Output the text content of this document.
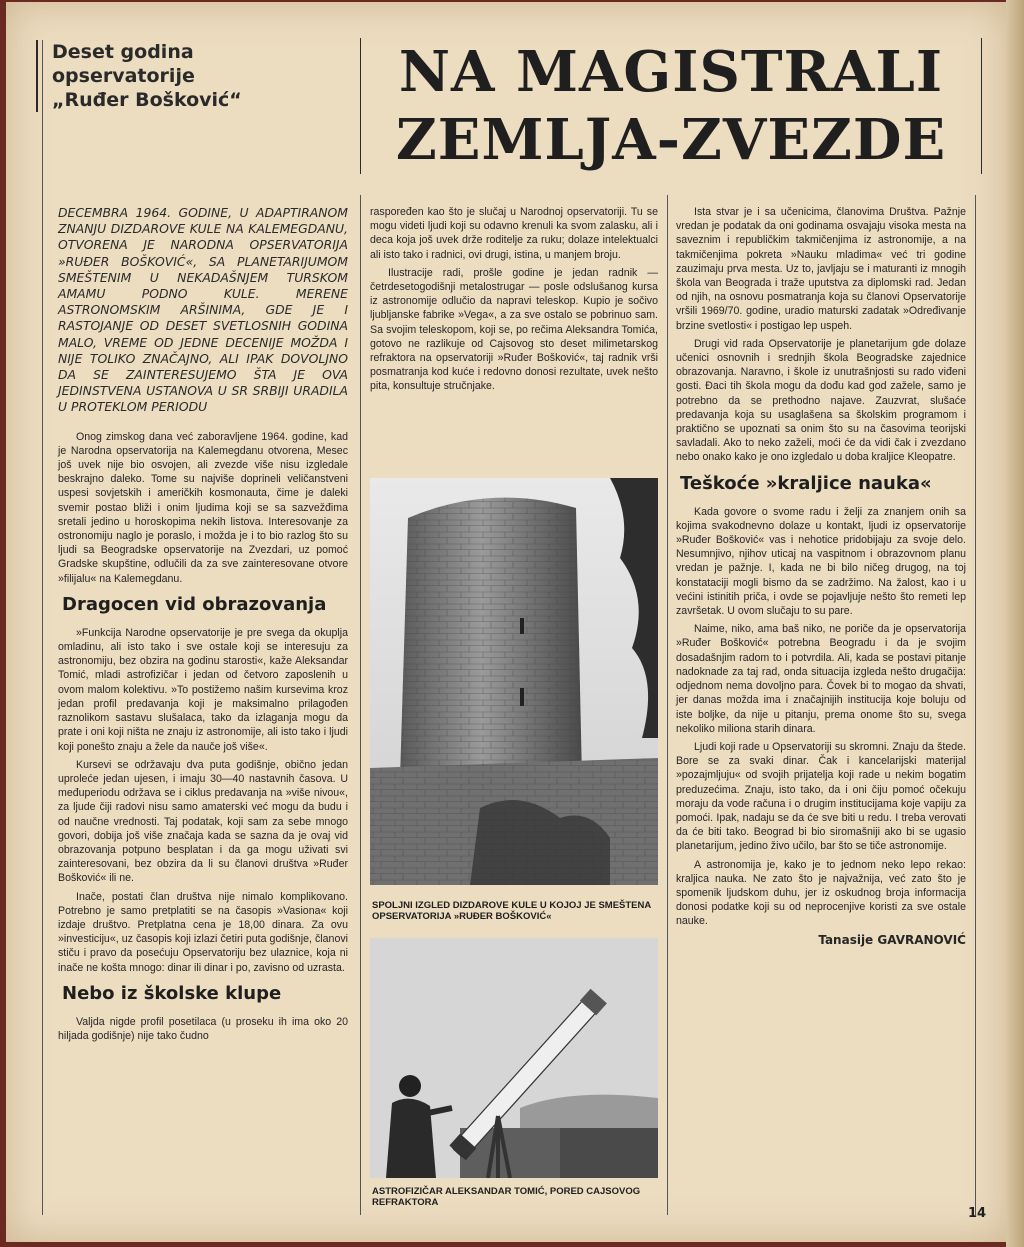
Deset godina
opservatorije
„Ruđer Bošković“	NA MAGISTRALI
ZEMLJA-ZVEZDE
DECEMBRA 1964. GODINE, U ADAPTIRANOM ZNANJU DIZDAROVE KULE NA KALEMEGDANU, OTVORENA JE NARODNA OPSERVATORIJA »RUĐER BOŠKOVIĆ«, SA PLANETARIJUMOM SMEŠTENIM U NEKADAŠNJEM TURSKOM AMAMU PODNO KULE. MERENE ASTRONOMSKIM ARŠINIMA, GDE JE I RASTOJANJE OD DESET SVETLOSNIH GODINA MALO, VREME OD JEDNE DECENIJE MOŽDA I NIJE TOLIKO ZNAČAJNO, ALI IPAK DOVOLJNO DA SE ZAINTERESUJEMO ŠTA JE OVA JEDINSTVENA USTANOVA U SR SRBIJI URADILA U PROTEKLOM PERIODU

Onog zimskog dana već zaboravljene 1964. godine, kad je Narodna opservatorija na Kalemegdanu otvorena, Mesec još uvek nije bio osvojen, ali zvezde više nisu izgledale beskrajno daleko. Tome su najviše doprineli veličanstveni uspesi sovjetskih i američkih kosmonauta, čime je daleki svemir postao bliži i onim ljudima koji se sa sazvežđima sretali jedino u horoskopima nekih listova. Interesovanje za ostronomiju naglo je poraslo, i možda je i to bio razlog što su ljudi sa Beogradske opservatorije na Zvezdari, uz pomoć Gradske skupštine, odlučili da za sve zainteresovane otvore »filijalu« na Kalemegdanu.

Dragocen vid obrazovanja

»Funkcija Narodne opservatorije je pre svega da okuplja omladinu, ali isto tako i sve ostale koji se interesuju za astronomiju, bez obzira na godinu starosti«, kaže Aleksandar Tomić, mladi astrofizičar i jedan od četvoro zaposlenih u ovom malom kolektivu. »To postižemo našim kursevima kroz jedan profil predavanja koji je maksimalno prilagođen raznolikom sastavu slušalaca, tako da izlaganja mogu da prate i oni koji ništa ne znaju iz astronomije, ali isto tako i ljudi koji ponešto znaju a žele da nauče još više«.

Kursevi se održavaju dva puta godišnje, obično jedan uproleće jedan ujesen, i imaju 30—40 nastavnih časova. U međuperiodu održava se i ciklus predavanja na »više nivou«, za ljude čiji radovi nisu samo amaterski već mogu da budu i od naučne vrednosti. Taj podatak, koji sam za sebe mnogo govori, dobija još više značaja kada se sazna da je ovaj vid obrazovanja potpuno besplatan i da ga mogu uživati svi zainteresovani, bez obzira da li su članovi društva »Ruđer Bošković« ili ne.

Inače, postati član društva nije nimalo komplikovano. Potrebno je samo pretplatiti se na časopis »Vasiona« koji izdaje društvo. Pretplatna cena je 18,00 dinara. Za ovu »investiciju«, uz časopis koji izlazi četiri puta godišnje, članovi stiču i pravo da posećuju Opservatoriju bez ulaznice, koja ni inače ne košta mnogo: dinar ili dinar i po, zavisno od uzrasta.

Nebo iz školske klupe

Valjda nigde profil posetilaca (u proseku ih ima oko 20 hiljada godišnje) nije tako čudno

raspoređen kao što je slučaj u Narodnoj opservatoriji. Tu se mogu videti ljudi koji su odavno krenuli ka svom zalasku, ali i deca koja još uvek drže roditelje za ruku; dolaze intelektualci ali isto tako i radnici, ovi drugi, istina, u manjem broju.

Ilustracije radi, prošle godine je jedan radnik — četrdesetogodišnji metalostrugar — posle odslušanog kursa iz astronomije odlučio da napravi teleskop. Kupio je sočivo ljubljanske fabrike »Vega«, a za sve ostalo se pobrinuo sam. Sa svojim teleskopom, koji se, po rečima Aleksandra Tomića, gotovo ne razlikuje od Cajsovog sto deset milimetarskog refraktora na opservatoriji »Ruđer Bošković«, taj radnik vrši posmatranja kod kuće i redovno donosi rezultate, uvek nešto pita, konsultuje stručnjake.

SPOLJNI IZGLED DIZDAROVE KULE U KOJOJ JE SMEŠTENA OPSERVATORIJA »RUĐER BOŠKOVIĆ«
ASTROFIZIČAR ALEKSANDAR TOMIĆ, PORED CAJSOVOG REFRAKTORA

Ista stvar je i sa učenicima, članovima Društva. Pažnje vredan je podatak da oni godinama osvajaju visoka mesta na saveznim i republičkim takmičenjima iz astronomije, a na takmičenjima pokreta »Nauku mladima« već tri godine zauzimaju prva mesta. Uz to, javljaju se i maturanti iz mnogih škola van Beograda i traže uputstva za diplomski rad. Jedan od njih, na osnovu posmatranja koja su članovi Opservatorije vršili 1969/70. godine, uradio maturski zadatak »Određivanje brzine svetlosti« i postigao lep uspeh.

Drugi vid rada Opservatorije je planetarijum gde dolaze učenici osnovnih i srednjih škola Beogradske zajednice obrazovanja. Naravno, i škole iz unutrašnjosti su rado viđeni gosti. Đaci tih škola mogu da dođu kad god zažele, samo je potrebno da se prethodno najave. Zauzvrat, slušaće predavanja koja su usaglašena sa školskim programom i praktično se upoznati sa onim što su na časovima teorijski savladali. Ako to neko zaželi, moći će da vidi čak i zvezdano nebo onako kako je ono izgledalo u doba kraljice Kleopatre.

Teškoće »kraljice nauka«

Kada govore o svome radu i želji za znanjem onih sa kojima svakodnevno dolaze u kontakt, ljudi iz opservatorije »Ruđer Bošković« vas i nehotice pridobijaju za svoje delo. Nesumnjivo, njihov uticaj na vaspitnom i obrazovnom planu vredan je pažnje. I, kada ne bi bilo ničeg drugog, na toj konstataciji mogli bismo da se zadržimo. Na žalost, kao i u većini istinitih priča, i ovde se pojavljuje nešto što remeti lep završetak. U ovom slučaju to su pare.

Naime, niko, ama baš niko, ne poriče da je opservatorija »Ruđer Bošković« potrebna Beogradu i da je svojim dosadašnjim radom to i potvrdila. Ali, kada se postavi pitanje nadoknade za taj rad, onda situacija izgleda nešto drugačija: odjednom nema dovoljno para. Čovek bi to mogao da shvati, jer danas možda ima i značajnijih institucija koje boluju od iste boljke, da nije u pitanju, prema onome što su, svega nekoliko miliona starih dinara.

Ljudi koji rade u Opservatoriji su skromni. Znaju da štede. Bore se za svaki dinar. Čak i kancelarijski materijal »pozajmljuju« od svojih prijatelja koji rade u nekim bogatim preduzećima. Znaju, isto tako, da i oni čiju pomoć očekuju moraju da vode računa i o drugim institucijama koje vapiju za pomoći. Ipak, nadaju se da će sve biti u redu. I treba verovati da će biti tako. Beograd bi bio siromašniji ako bi se ugasio planetarijum, jedino živo učilo, bar što se tiče astronomije.

A astronomija je, kako je to jednom neko lepo rekao: kraljica nauka. Ne zato što je najvažnija, već zato što je spomenik ljudskom duhu, jer iz oskudnog broja informacija donosi podatke koji su od neprocenjive koristi za sve ostale nauke.

Tanasije GAVRANOVIĆ
14
